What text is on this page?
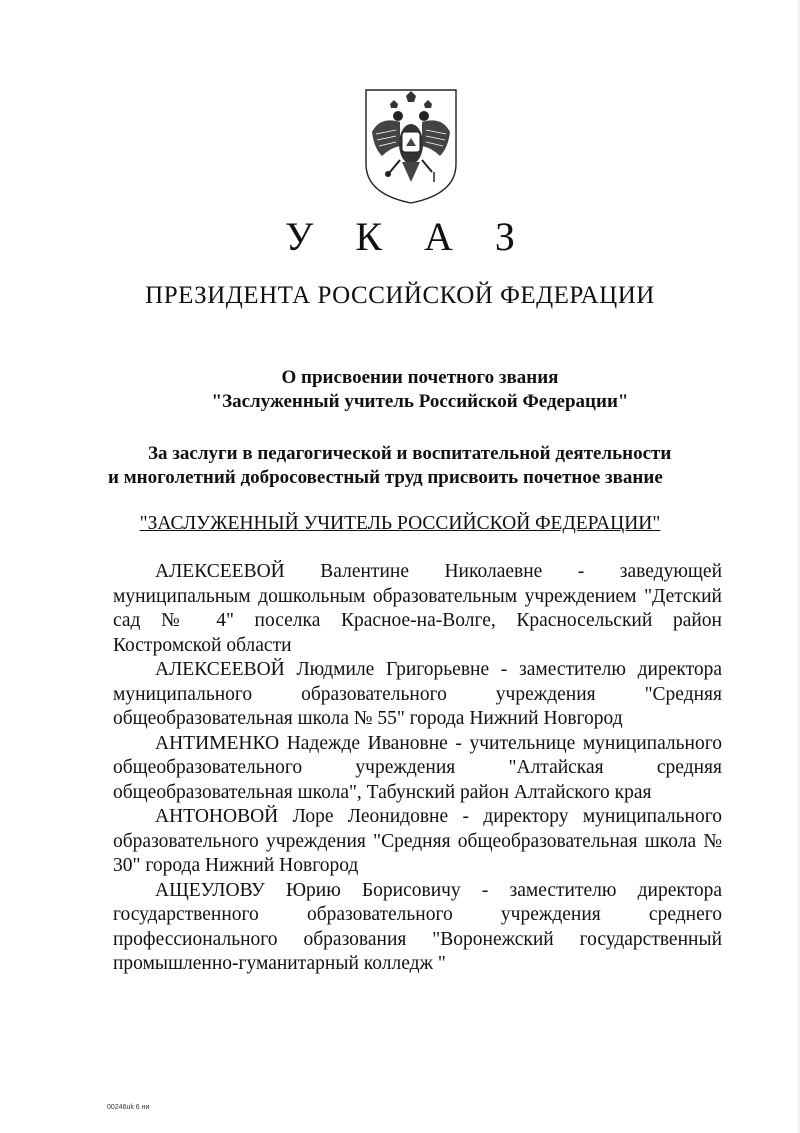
У К А З
ПРЕЗИДЕНТА РОССИЙСКОЙ ФЕДЕРАЦИИ
О присвоении почетного звания
"Заслуженный учитель Российской Федерации"
За заслуги в педагогической и воспитательной деятельности
и многолетний добросовестный труд присвоить почетное звание
"ЗАСЛУЖЕННЫЙ УЧИТЕЛЬ РОССИЙСКОЙ ФЕДЕРАЦИИ"

АЛЕКСЕЕВОЙ Валентине Николаевне - заведующей муниципальным дошкольным образовательным учреждением "Детский сад № 4" поселка Красное-на-Волге, Красносельский район Костромской области

АЛЕКСЕЕВОЙ Людмиле Григорьевне - заместителю директора муниципального образовательного учреждения "Средняя общеобразовательная школа № 55" города Нижний Новгород

АНТИМЕНКО Надежде Ивановне - учительнице муниципального общеобразовательного учреждения "Алтайская средняя общеобразовательная школа", Табунский район Алтайского края

АНТОНОВОЙ Лоре Леонидовне - директору муниципального образовательного учреждения "Средняя общеобразовательная школа № 30" города Нижний Новгород

АЩЕУЛОВУ Юрию Борисовичу - заместителю директора государственного образовательного учреждения среднего профессионального образования "Воронежский государственный промышленно-гуманитарный колледж "

00246uk 6 ни
